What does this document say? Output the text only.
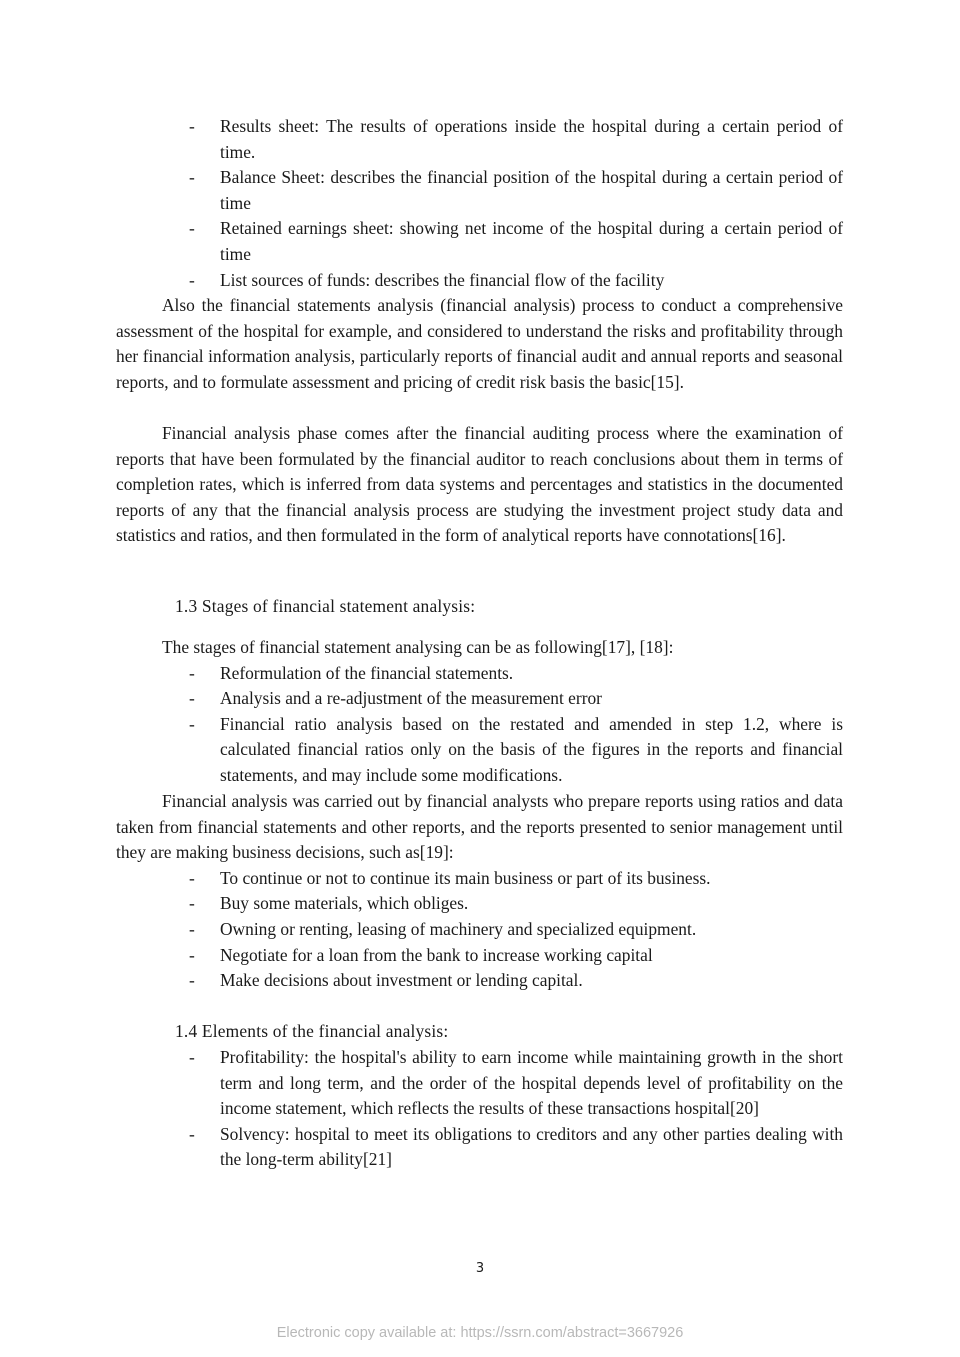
- Results sheet: The results of operations inside the hospital during a certain period of time.
- Balance Sheet: describes the financial position of the hospital during a certain period of time
- Retained earnings sheet: showing net income of the hospital during a certain period of time
- List sources of funds: describes the financial flow of the facility

Also the financial statements analysis (financial analysis) process to conduct a comprehensive assessment of the hospital for example, and considered to understand the risks and profitability through her financial information analysis, particularly reports of financial audit and annual reports and seasonal reports, and to formulate assessment and pricing of credit risk basis the basic[15].

Financial analysis phase comes after the financial auditing process where the examination of reports that have been formulated by the financial auditor to reach conclusions about them in terms of completion rates, which is inferred from data systems and percentages and statistics in the documented reports of any that the financial analysis process are studying the investment project study data and statistics and ratios, and then formulated in the form of analytical reports have connotations[16].

1.3 Stages of financial statement analysis:

The stages of financial statement analysing can be as following[17], [18]:

- Reformulation of the financial statements.
- Analysis and a re-adjustment of the measurement error
- Financial ratio analysis based on the restated and amended in step 1.2, where is calculated financial ratios only on the basis of the figures in the reports and financial statements, and may include some modifications.

Financial analysis was carried out by financial analysts who prepare reports using ratios and data taken from financial statements and other reports, and the reports presented to senior management until they are making business decisions, such as[19]:

- To continue or not to continue its main business or part of its business.
- Buy some materials, which obliges.
- Owning or renting, leasing of machinery and specialized equipment.
- Negotiate for a loan from the bank to increase working capital
- Make decisions about investment or lending capital.
1.4 Elements of the financial analysis:
- Profitability: the hospital's ability to earn income while maintaining growth in the short term and long term, and the order of the hospital depends level of profitability on the income statement, which reflects the results of these transactions hospital[20]
- Solvency: hospital to meet its obligations to creditors and any other parties dealing with the long-term ability[21]
3
Electronic copy available at: https://ssrn.com/abstract=3667926
